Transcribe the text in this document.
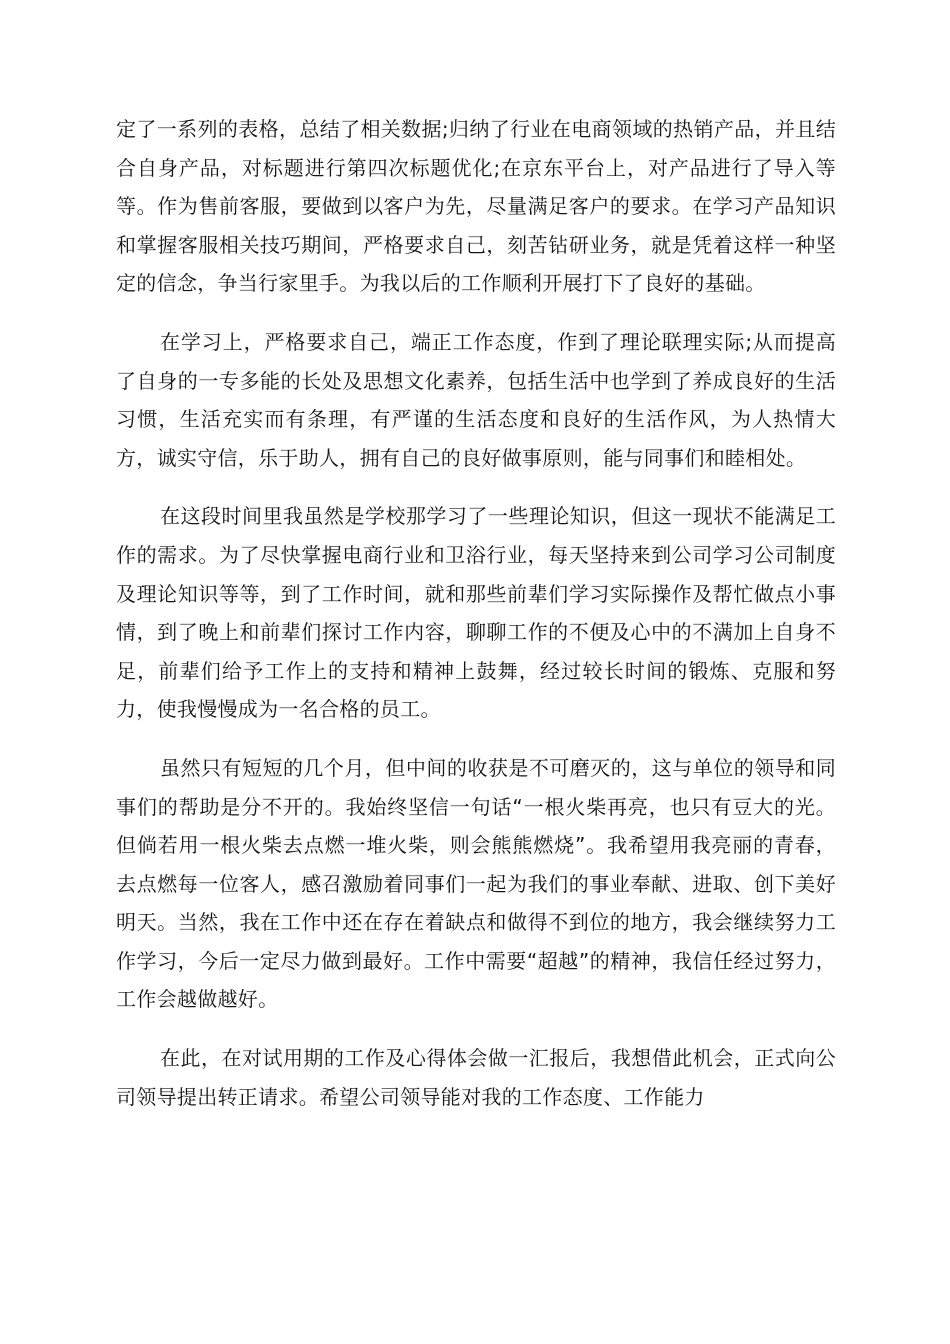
定了一系列的表格，总结了相关数据;归纳了行业在电商领域的热销产品，并且结合自身产品，对标题进行第四次标题优化;在京东平台上，对产品进行了导入等等。作为售前客服，要做到以客户为先，尽量满足客户的要求。在学习产品知识和掌握客服相关技巧期间，严格要求自己，刻苦钻研业务，就是凭着这样一种坚定的信念，争当行家里手。为我以后的工作顺利开展打下了良好的基础。

在学习上，严格要求自己，端正工作态度，作到了理论联理实际;从而提高了自身的一专多能的长处及思想文化素养，包括生活中也学到了养成良好的生活习惯，生活充实而有条理，有严谨的生活态度和良好的生活作风，为人热情大方，诚实守信，乐于助人，拥有自己的良好做事原则，能与同事们和睦相处。

在这段时间里我虽然是学校那学习了一些理论知识，但这一现状不能满足工作的需求。为了尽快掌握电商行业和卫浴行业，每天坚持来到公司学习公司制度及理论知识等等，到了工作时间，就和那些前辈们学习实际操作及帮忙做点小事情，到了晚上和前辈们探讨工作内容，聊聊工作的不便及心中的不满加上自身不足，前辈们给予工作上的支持和精神上鼓舞，经过较长时间的锻炼、克服和努力，使我慢慢成为一名合格的员工。

虽然只有短短的几个月，但中间的收获是不可磨灭的，这与单位的领导和同事们的帮助是分不开的。我始终坚信一句话“一根火柴再亮，也只有豆大的光。但倘若用一根火柴去点燃一堆火柴，则会熊熊燃烧”。我希望用我亮丽的青春，去点燃每一位客人，感召激励着同事们一起为我们的事业奉献、进取、创下美好明天。当然，我在工作中还在存在着缺点和做得不到位的地方，我会继续努力工作学习，今后一定尽力做到最好。工作中需要“超越”的精神，我信任经过努力，工作会越做越好。

在此，在对试用期的工作及心得体会做一汇报后，我想借此机会，正式向公司领导提出转正请求。希望公司领导能对我的工作态度、工作能力
